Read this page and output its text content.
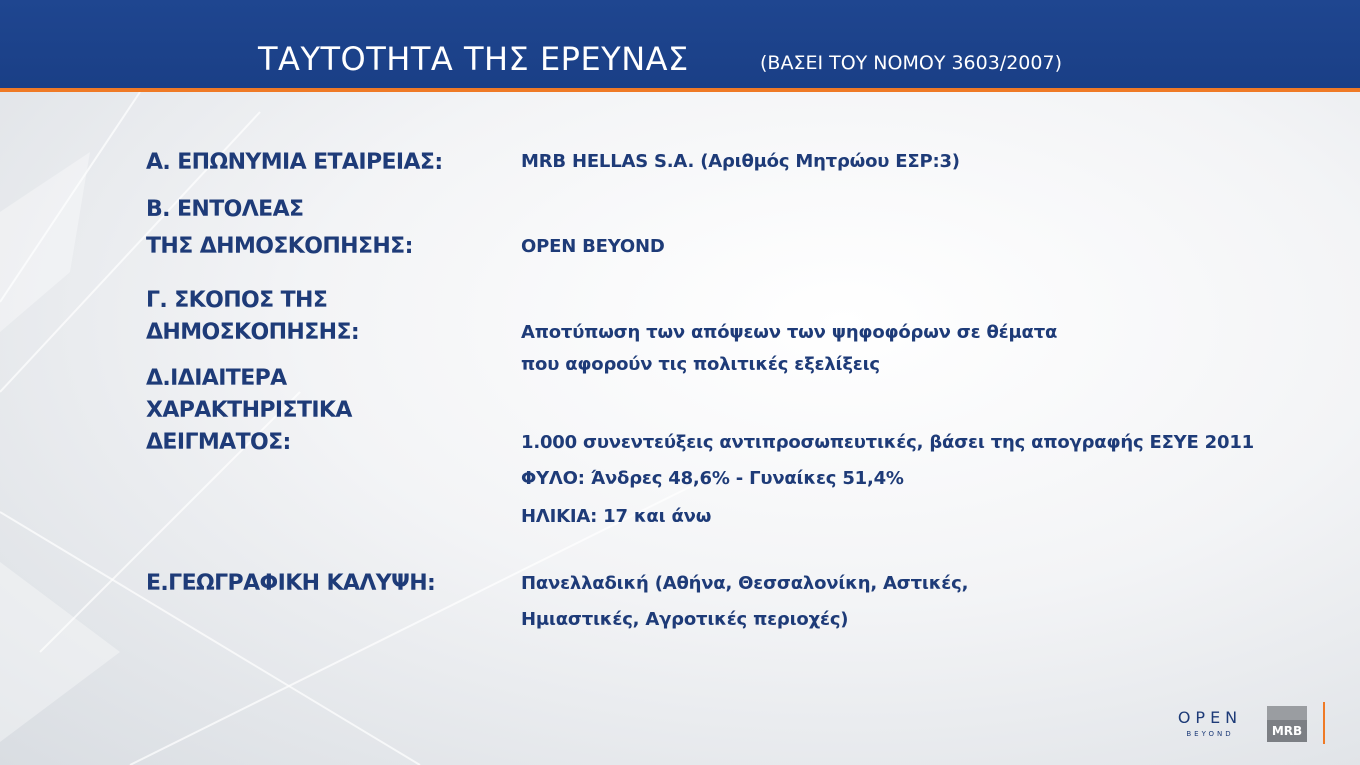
ΤΑΥΤΟΤΗΤΑ ΤΗΣ ΕΡΕΥΝΑΣ	(ΒΑΣΕΙ ΤΟΥ ΝΟΜΟΥ 3603/2007)
Α. ΕΠΩΝΥΜΙΑ ΕΤΑΙΡΕΙΑΣ:	MRB HELLAS S.A. (Αριθμός Μητρώου ΕΣΡ:3)
Β. ΕΝΤΟΛΕΑΣ
ΤΗΣ ΔΗΜΟΣΚΟΠΗΣΗΣ:	OPEN BEYOND
Γ. ΣΚΟΠΟΣ ΤΗΣ
ΔΗΜΟΣΚΟΠΗΣΗΣ:	Αποτύπωση των απόψεων των ψηφοφόρων σε θέματα
που αφορούν τις πολιτικές εξελίξεις
Δ.ΙΔΙΑΙΤΕΡΑ
ΧΑΡΑΚΤΗΡΙΣΤΙΚΑ
ΔΕΙΓΜΑΤΟΣ:	1.000 συνεντεύξεις αντιπροσωπευτικές, βάσει της απογραφής ΕΣΥΕ 2011
ΦΥΛΟ: Άνδρες 48,6% - Γυναίκες 51,4%
ΗΛΙΚΙΑ: 17 και άνω
Ε.ΓΕΩΓΡΑΦΙΚΗ ΚΑΛΥΨΗ:	Πανελλαδική (Αθήνα, Θεσσαλονίκη, Αστικές,
Ημιαστικές, Αγροτικές περιοχές)
OPEN
BEYOND	MRB
